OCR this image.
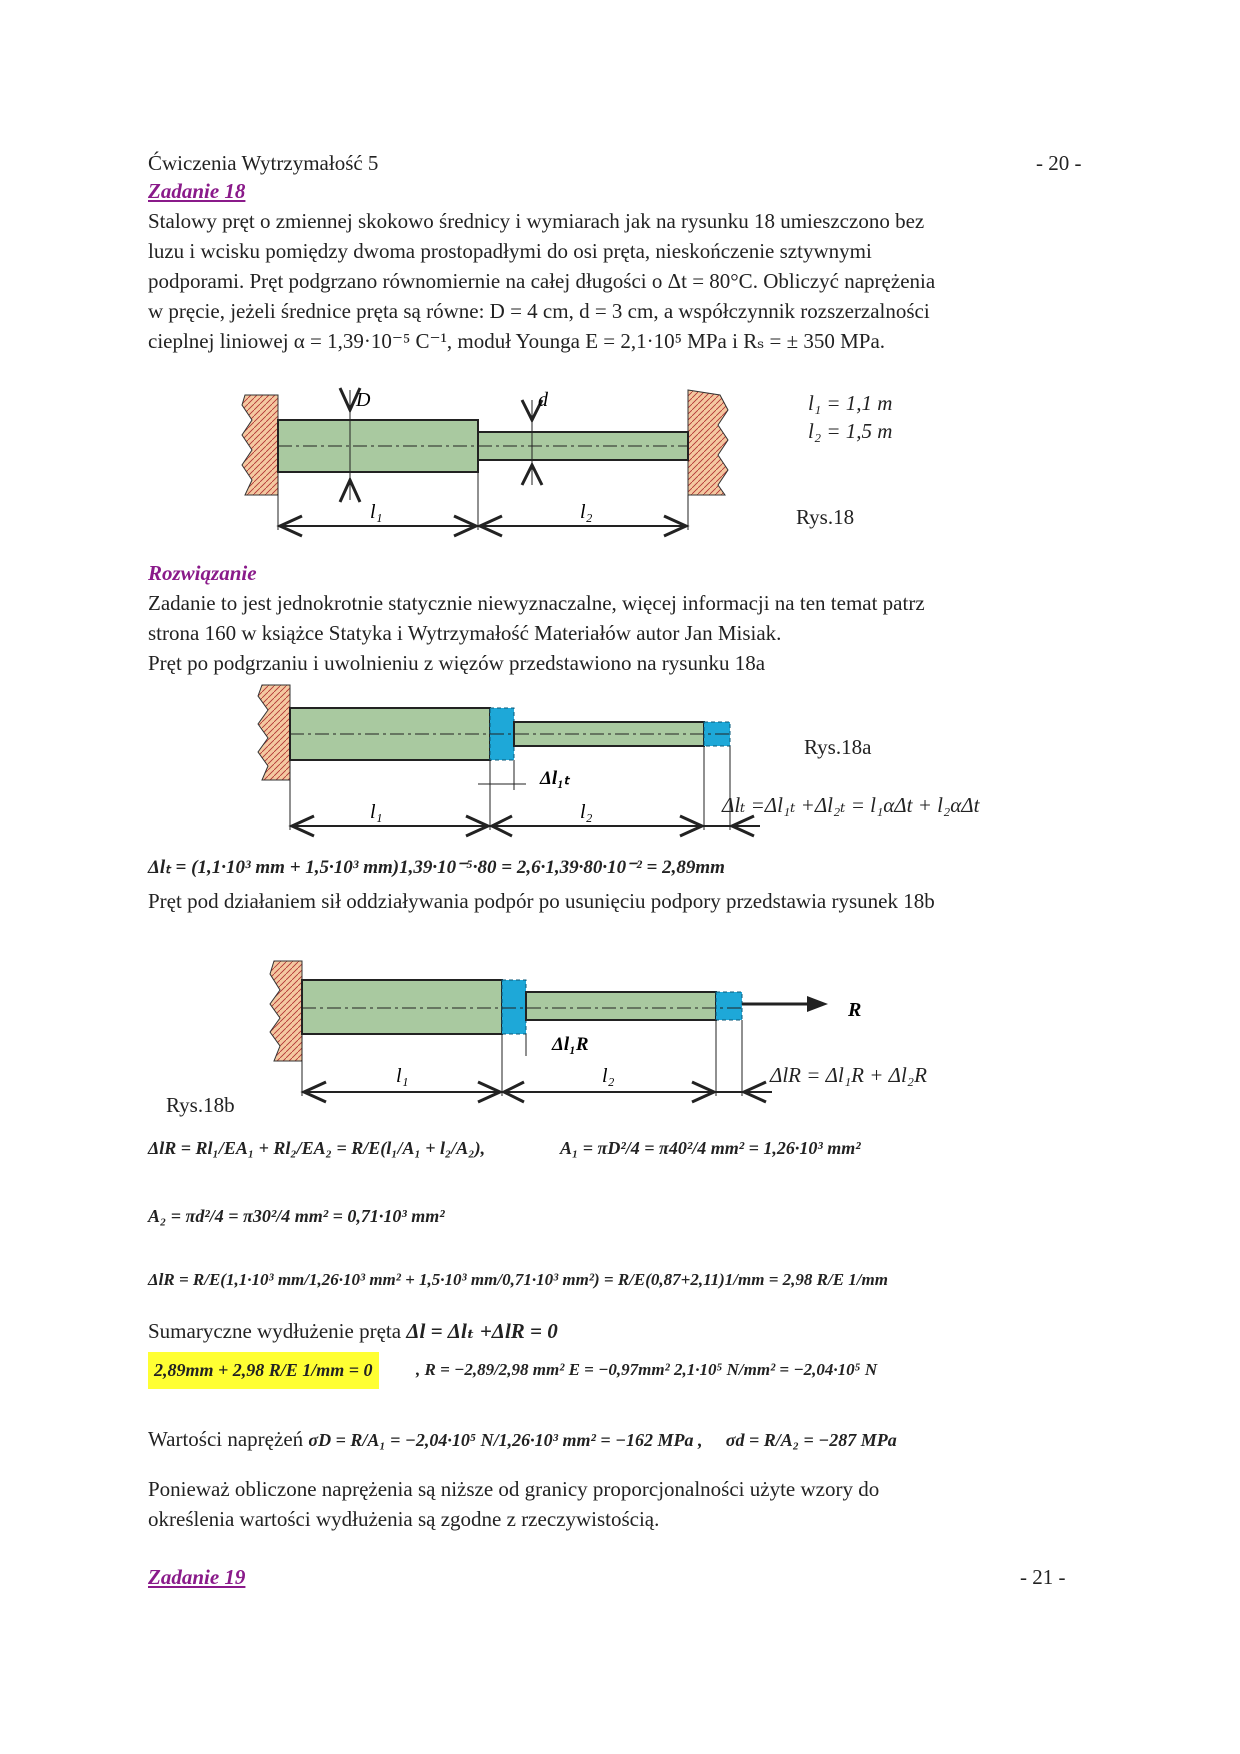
Ćwiczenia Wytrzymałość 5	- 20 -
Zadanie 18
Stalowy pręt o zmiennej skokowo średnicy i wymiarach jak na rysunku 18 umieszczono bez
luzu i wcisku pomiędzy dwoma prostopadłymi do osi pręta, nieskończenie sztywnymi
podporami. Pręt podgrzano równomiernie na całej długości o Δt = 80°C. Obliczyć naprężenia
w pręcie, jeżeli średnice pręta są równe: D = 4 cm, d = 3 cm, a współczynnik rozszerzalności
cieplnej liniowej α = 1,39·10⁻⁵ C⁻¹, moduł Younga E = 2,1·10⁵ MPa i Rₛ = ± 350 MPa.
D	d
l₁	l₂
l₁ = 1,1 m
l₂ = 1,5 m
Rys.18
Rozwiązanie
Zadanie to jest jednokrotnie statycznie niewyznaczalne, więcej informacji na ten temat patrz
strona 160 w książce Statyka i Wytrzymałość Materiałów autor Jan Misiak.
Pręt po podgrzaniu i uwolnieniu z więzów przedstawiono na rysunku 18a
Δl₁ₜ
l₁	l₂
Rys.18a
Δlₜ =Δl₁ₜ +Δl₂ₜ = l₁αΔt + l₂αΔt
Δlₜ = (1,1·10³ mm + 1,5·10³ mm)1,39·10⁻⁵·80 = 2,6·1,39·80·10⁻² = 2,89mm
Pręt pod działaniem sił oddziaływania podpór po usunięciu podpory przedstawia rysunek 18b
R
Δl₁R
l₁	l₂	ΔlR = Δl₁R + Δl₂R
Rys.18b
ΔlR = Rl₁/EA₁ + Rl₂/EA₂ = R/E(l₁/A₁ + l₂/A₂),	A₁ = πD²/4 = π40²/4 mm² = 1,26·10³ mm²
A₂ = πd²/4 = π30²/4 mm² = 0,71·10³ mm²
ΔlR = R/E(1,1·10³ mm/1,26·10³ mm² + 1,5·10³ mm/0,71·10³ mm²) = R/E(0,87+2,11)1/mm = 2,98 R/E 1/mm
Sumaryczne wydłużenie pręta Δl = Δlₜ +ΔlR = 0
2,89mm + 2,98 R/E 1/mm = 0	, R = −2,89/2,98 mm² E = −0,97mm² 2,1·10⁵ N/mm² = −2,04·10⁵ N
Wartości naprężeń σD = R/A₁ = −2,04·10⁵ N/1,26·10³ mm² = −162 MPa , σd = R/A₂ = −287 MPa
Ponieważ obliczone naprężenia są niższe od granicy proporcjonalności użyte wzory do
określenia wartości wydłużenia są zgodne z rzeczywistością.
Zadanie 19	- 21 -
